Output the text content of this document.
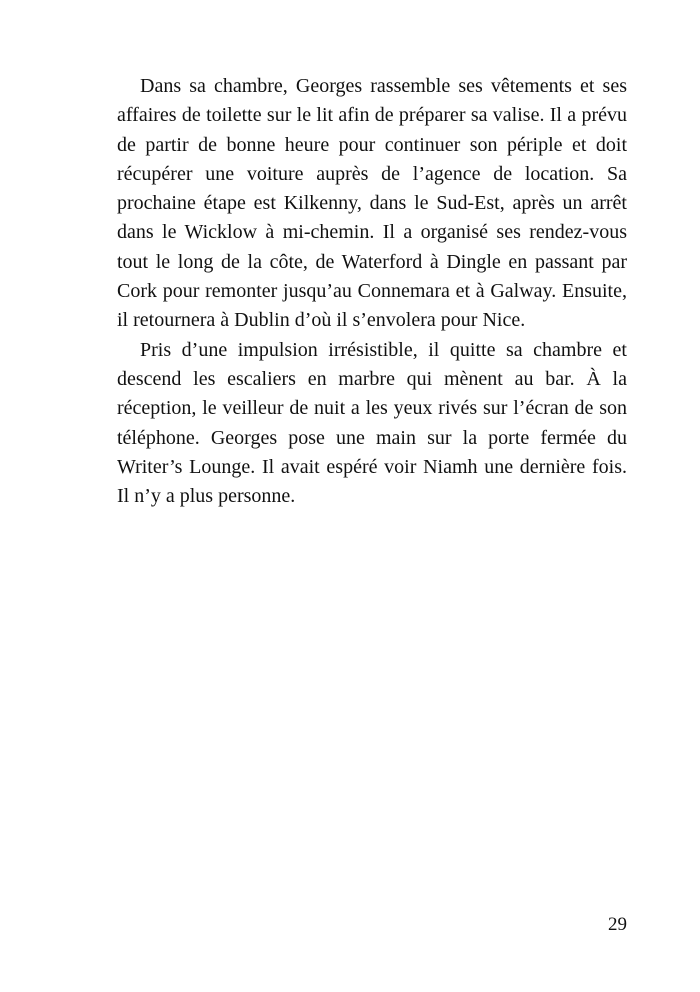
Dans sa chambre, Georges rassemble ses vêtements et ses affaires de toilette sur le lit afin de préparer sa valise. Il a prévu de partir de bonne heure pour continuer son périple et doit récupérer une voiture auprès de l’agence de location. Sa prochaine étape est Kilkenny, dans le Sud-Est, après un arrêt dans le Wicklow à mi-chemin. Il a organisé ses rendez-vous tout le long de la côte, de Waterford à Dingle en passant par Cork pour remonter jusqu’au Connemara et à Galway. Ensuite, il retournera à Dublin d’où il s’envolera pour Nice.

Pris d’une impulsion irrésistible, il quitte sa chambre et descend les escaliers en marbre qui mènent au bar. À la réception, le veilleur de nuit a les yeux rivés sur l’écran de son téléphone. Georges pose une main sur la porte fermée du Writer’s Lounge. Il avait espéré voir Niamh une dernière fois. Il n’y a plus personne.

29
